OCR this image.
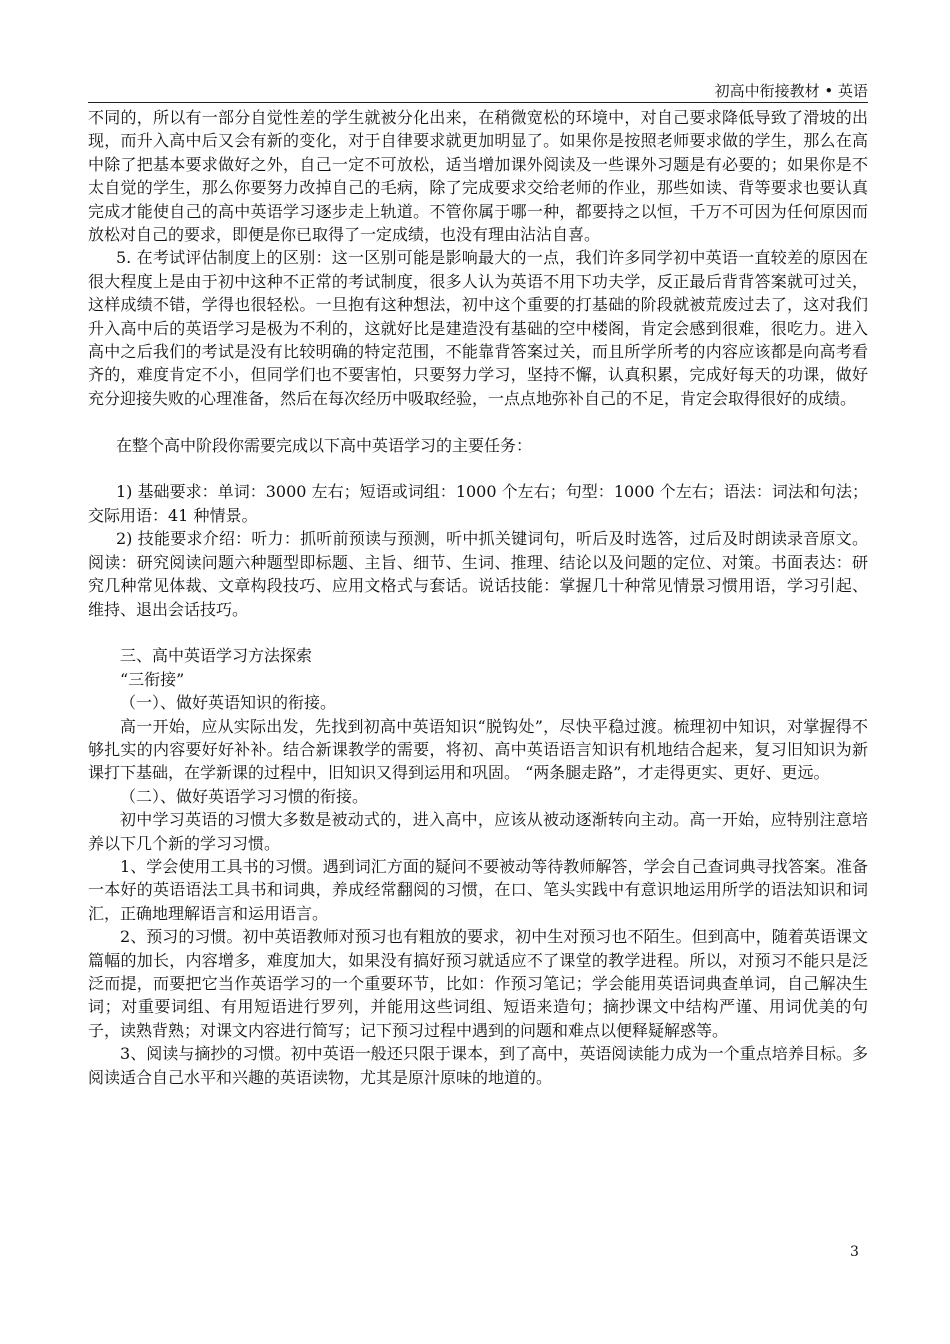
初高中衔接教材 • 英语

不同的，所以有一部分自觉性差的学生就被分化出来，在稍微宽松的环境中，对自己要求降低导致了滑坡的出现，而升入高中后又会有新的变化，对于自律要求就更加明显了。如果你是按照老师要求做的学生，那么在高中除了把基本要求做好之外，自己一定不可放松，适当增加课外阅读及一些课外习题是有必要的；如果你是不太自觉的学生，那么你要努力改掉自己的毛病，除了完成要求交给老师的作业，那些如读、背等要求也要认真完成才能使自己的高中英语学习逐步走上轨道。不管你属于哪一种，都要持之以恒，千万不可因为任何原因而放松对自己的要求，即便是你已取得了一定成绩，也没有理由沾沾自喜。

5. 在考试评估制度上的区别：这一区别可能是影响最大的一点，我们许多同学初中英语一直较差的原因在很大程度上是由于初中这种不正常的考试制度，很多人认为英语不用下功夫学，反正最后背背答案就可过关，这样成绩不错，学得也很轻松。一旦抱有这种想法，初中这个重要的打基础的阶段就被荒废过去了，这对我们升入高中后的英语学习是极为不利的，这就好比是建造没有基础的空中楼阁，肯定会感到很难，很吃力。进入高中之后我们的考试是没有比较明确的特定范围，不能靠背答案过关，而且所学所考的内容应该都是向高考看齐的，难度肯定不小，但同学们也不要害怕，只要努力学习，坚持不懈，认真积累，完成好每天的功课，做好充分迎接失败的心理准备，然后在每次经历中吸取经验，一点点地弥补自己的不足，肯定会取得很好的成绩。

在整个高中阶段你需要完成以下高中英语学习的主要任务：

1) 基础要求：单词：3000 左右；短语或词组：1000 个左右；句型：1000 个左右；语法：词法和句法；交际用语：41 种情景。

2) 技能要求介绍：听力：抓听前预读与预测，听中抓关键词句，听后及时选答，过后及时朗读录音原文。阅读：研究阅读问题六种题型即标题、主旨、细节、生词、推理、结论以及问题的定位、对策。书面表达：研究几种常见体裁、文章构段技巧、应用文格式与套话。说话技能：掌握几十种常见情景习惯用语，学习引起、维持、退出会话技巧。

三、高中英语学习方法探索

“三衔接”

（一）、做好英语知识的衔接。

高一开始，应从实际出发，先找到初高中英语知识“脱钩处”，尽快平稳过渡。梳理初中知识，对掌握得不够扎实的内容要好好补补。结合新课教学的需要，将初、高中英语语言知识有机地结合起来，复习旧知识为新课打下基础，在学新课的过程中，旧知识又得到运用和巩固。 “两条腿走路”，才走得更实、更好、更远。

（二）、做好英语学习习惯的衔接。

初中学习英语的习惯大多数是被动式的，进入高中，应该从被动逐渐转向主动。高一开始，应特别注意培养以下几个新的学习习惯。

1、学会使用工具书的习惯。遇到词汇方面的疑问不要被动等待教师解答，学会自己查词典寻找答案。准备一本好的英语语法工具书和词典，养成经常翻阅的习惯，在口、笔头实践中有意识地运用所学的语法知识和词汇，正确地理解语言和运用语言。

2、预习的习惯。初中英语教师对预习也有粗放的要求，初中生对预习也不陌生。但到高中，随着英语课文篇幅的加长，内容增多，难度加大，如果没有搞好预习就适应不了课堂的教学进程。所以，对预习不能只是泛泛而提，而要把它当作英语学习的一个重要环节，比如：作预习笔记；学会能用英语词典查单词，自己解决生词；对重要词组、有用短语进行罗列，并能用这些词组、短语来造句；摘抄课文中结构严谨、用词优美的句子，读熟背熟；对课文内容进行简写；记下预习过程中遇到的问题和难点以便释疑解惑等。

3、阅读与摘抄的习惯。初中英语一般还只限于课本，到了高中，英语阅读能力成为一个重点培养目标。多阅读适合自己水平和兴趣的英语读物，尤其是原汁原味的地道的。

3
